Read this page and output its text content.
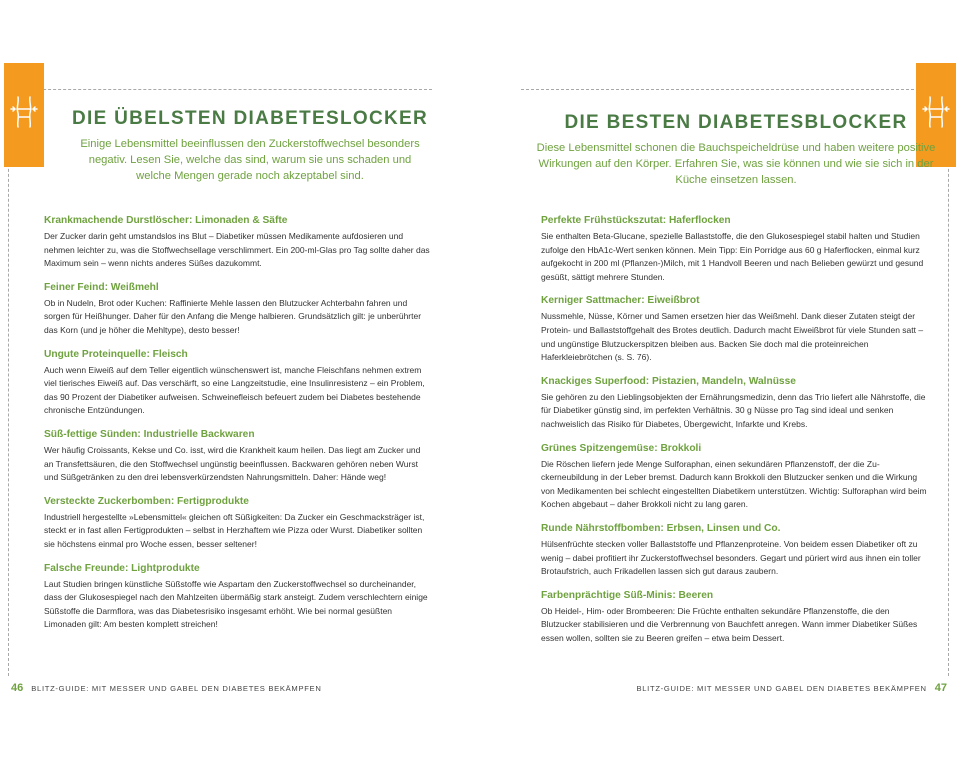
DIE ÜBELSTEN DIABETESLOCKER

Einige Lebensmittel beeinflussen den Zuckerstoffwechsel besonders negativ. Lesen Sie, welche das sind, warum sie uns schaden und welche Mengen gerade noch akzeptabel sind.

Krankmachende Durstlöscher: Limonaden & Säfte

Der Zucker darin geht umstandslos ins Blut – Diabetiker müssen Medikamente aufdosieren und nehmen leichter zu, was die Stoffwechsellage verschlimmert. Ein 200-ml-Glas pro Tag sollte daher das Maximum sein – wenn nichts anderes Süßes dazukommt.

Feiner Feind: Weißmehl

Ob in Nudeln, Brot oder Kuchen: Raffinierte Mehle lassen den Blutzucker Achterbahn fahren und sorgen für Heißhunger. Daher für den Anfang die Menge halbieren. Grundsätzlich gilt: je unberührter das Korn (und je höher die Mehltype), desto besser!

Ungute Proteinquelle: Fleisch

Auch wenn Eiweiß auf dem Teller eigentlich wünschenswert ist, manche Fleischfans nehmen extrem viel tierisches Eiweiß auf. Das verschärft, so eine Langzeitstudie, eine Insulinresistenz – ein Problem, das 90 Prozent der Diabetiker aufweisen. Schweinefleisch befeuert zudem bei Diabetes bestehende chronische Entzündungen.

Süß-fettige Sünden: Industrielle Backwaren

Wer häufig Croissants, Kekse und Co. isst, wird die Krankheit kaum heilen. Das liegt am Zucker und an Transfettsäuren, die den Stoffwechsel ungünstig beeinflussen. Backwaren gehören neben Wurst und Süßgetränken zu den drei lebensverkürzendsten Nahrungsmitteln. Daher: Hände weg!

Versteckte Zuckerbomben: Fertigprodukte

Industriell hergestellte »Lebensmittel« gleichen oft Süßigkeiten: Da Zucker ein Geschmacksträger ist, steckt er in fast allen Fertigprodukten – selbst in Herzhaftem wie Pizza oder Wurst. Diabetiker sollten sie höchstens einmal pro Woche essen, besser seltener!

Falsche Freunde: Lightprodukte

Laut Studien bringen künstliche Süßstoffe wie Aspartam den Zuckerstoffwechsel so durcheinander, dass der Glukosespiegel nach den Mahlzeiten übermäßig stark ansteigt. Zudem verschlechtern einige Süßstoffe die Darmflora, was das Diabetesrisiko insgesamt erhöht. Wie bei normal gesüßten Limonaden gilt: Am besten komplett streichen!

46 BLITZ-GUIDE: MIT MESSER UND GABEL DEN DIABETES BEKÄMPFEN
DIE BESTEN DIABETESBLOCKER

Diese Lebensmittel schonen die Bauchspeicheldrüse und haben weitere positive Wirkungen auf den Körper. Erfahren Sie, was sie können und wie sie sich in der Küche einsetzen lassen.

Perfekte Frühstückszutat: Haferflocken

Sie enthalten Beta-Glucane, spezielle Ballaststoffe, die den Glukosespiegel stabil halten und Studien zufolge den HbA1c-Wert senken können. Mein Tipp: Ein Porridge aus 60 g Haferflocken, einmal kurz aufgekocht in 200 ml (Pflanzen-)Milch, mit 1 Handvoll Beeren und nach Belieben gewürzt und gesund gesüßt, sättigt mehrere Stunden.

Kerniger Sattmacher: Eiweißbrot

Nussmehle, Nüsse, Körner und Samen ersetzen hier das Weißmehl. Dank dieser Zutaten steigt der Protein- und Ballaststoffgehalt des Brotes deutlich. Dadurch macht Eiweißbrot für viele Stunden satt – und ungünstige Blutzuckerspitzen bleiben aus. Backen Sie doch mal die proteinreichen Haferkleiebrötchen (s. S. 76).

Knackiges Superfood: Pistazien, Mandeln, Walnüsse

Sie gehören zu den Lieblingsobjekten der Ernährungsmedizin, denn das Trio liefert alle Nährstoffe, die für Diabetiker günstig sind, im perfekten Verhältnis. 30 g Nüsse pro Tag sind ideal und senken nachweislich das Risiko für Diabetes, Übergewicht, Infarkte und Krebs.

Grünes Spitzengemüse: Brokkoli

Die Röschen liefern jede Menge Sulforaphan, einen sekundären Pflanzenstoff, der die Zuckerneubildung in der Leber bremst. Dadurch kann Brokkoli den Blutzucker senken und die Wirkung von Medikamenten bei schlecht eingestellten Diabetikern unterstützen. Wichtig: Sulforaphan wird beim Kochen abgebaut – daher Brokkoli nicht zu lang garen.

Runde Nährstoffbomben: Erbsen, Linsen und Co.

Hülsenfrüchte stecken voller Ballaststoffe und Pflanzenproteine. Von beidem essen Diabetiker oft zu wenig – dabei profitiert ihr Zuckerstoffwechsel besonders. Gegart und püriert wird aus ihnen ein toller Brotaufstrich, auch Frikadellen lassen sich gut daraus zaubern.

Farbenprächtige Süß-Minis: Beeren

Ob Heidel-, Him- oder Brombeeren: Die Früchte enthalten sekundäre Pflanzenstoffe, die den Blutzucker stabilisieren und die Verbrennung von Bauchfett anregen. Wann immer Diabetiker Süßes essen wollen, sollten sie zu Beeren greifen – etwa beim Dessert.

BLITZ-GUIDE: MIT MESSER UND GABEL DEN DIABETES BEKÄMPFEN 47
